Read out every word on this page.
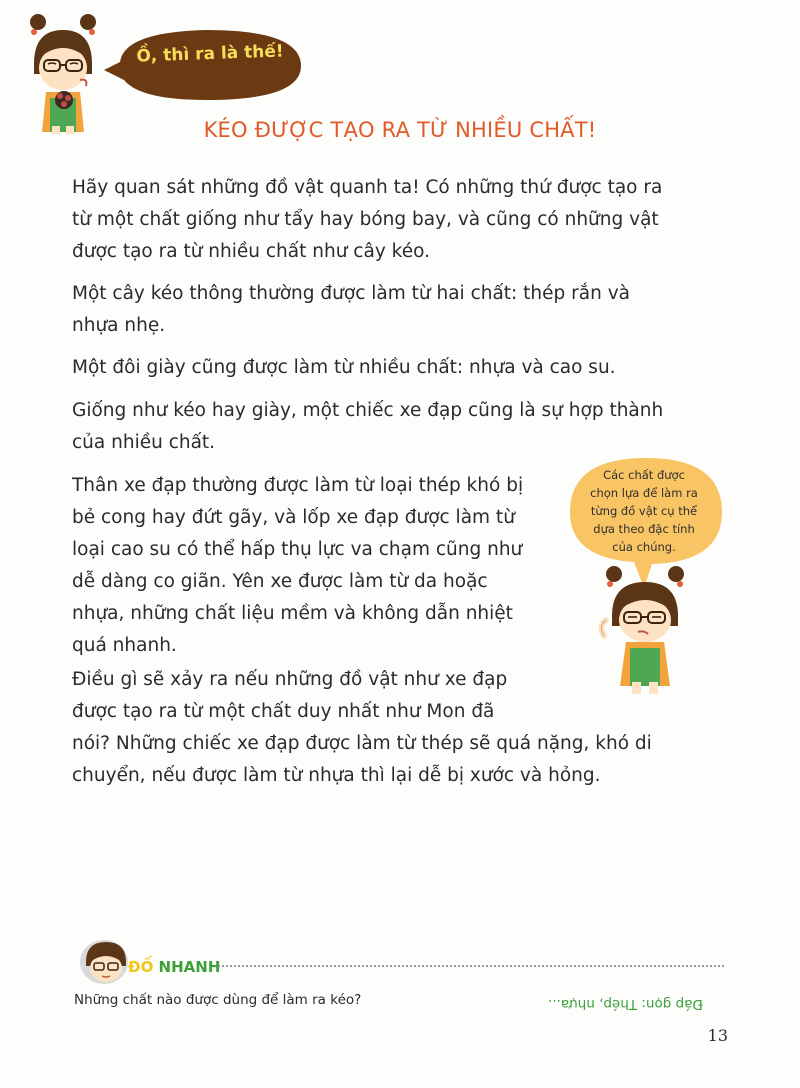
Ồ, thì ra là thế!
KÉO ĐƯỢC TẠO RA TỪ NHIỀU CHẤT!

Hãy quan sát những đồ vật quanh ta! Có những thứ được tạo ra
từ một chất giống như tẩy hay bóng bay, và cũng có những vật
được tạo ra từ nhiều chất như cây kéo.

Một cây kéo thông thường được làm từ hai chất: thép rắn và
nhựa nhẹ.

Một đôi giày cũng được làm từ nhiều chất: nhựa và cao su.

Giống như kéo hay giày, một chiếc xe đạp cũng là sự hợp thành
của nhiều chất.

Thân xe đạp thường được làm từ loại thép khó bị
bẻ cong hay đứt gãy, và lốp xe đạp được làm từ
loại cao su có thể hấp thụ lực va chạm cũng như
dễ dàng co giãn. Yên xe được làm từ da hoặc
nhựa, những chất liệu mềm và không dẫn nhiệt
quá nhanh.

Điều gì sẽ xảy ra nếu những đồ vật như xe đạp
được tạo ra từ một chất duy nhất như Mon đã
nói? Những chiếc xe đạp được làm từ thép sẽ quá nặng, khó di
chuyển, nếu được làm từ nhựa thì lại dễ bị xước và hỏng.

Các chất được
chọn lựa để làm ra
từng đồ vật cụ thể
dựa theo đặc tính
của chúng.
ĐỐ NHANH
Những chất nào được dùng để làm ra kéo?	Đáp gọn: Thép, nhựa...
13
